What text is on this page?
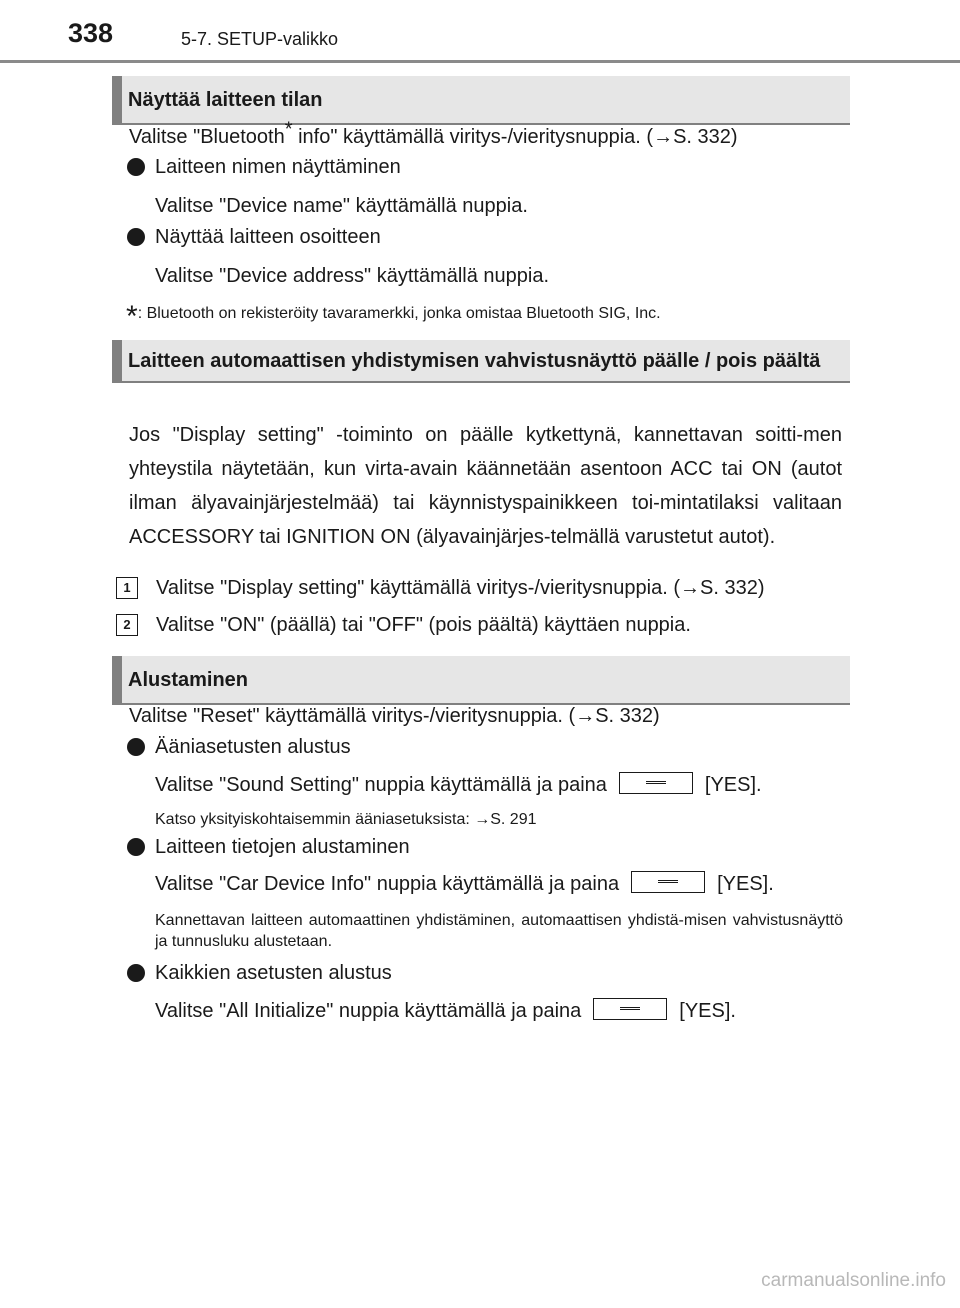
338	5-7. SETUP-valikko
Näyttää laitteen tilan
Valitse "Bluetooth* info" käyttämällä viritys-/vieritysnuppia. (→S. 332)
Laitteen nimen näyttäminen
Valitse "Device name" käyttämällä nuppia.
Näyttää laitteen osoitteen
Valitse "Device address" käyttämällä nuppia.
*: Bluetooth on rekisteröity tavaramerkki, jonka omistaa Bluetooth SIG, Inc.
Laitteen automaattisen yhdistymisen vahvistusnäyttö päälle / pois päältä
Jos "Display setting" -toiminto on päälle kytkettynä, kannettavan soitti-men yhteystila näytetään, kun virta-avain käännetään asentoon ACC tai ON (autot ilman älyavainjärjestelmää) tai käynnistyspainikkeen toi-mintatilaksi valitaan ACCESSORY tai IGNITION ON (älyavainjärjes-telmällä varustetut autot).
1	Valitse "Display setting" käyttämällä viritys-/vieritysnuppia. (→S. 332)
2	Valitse "ON" (päällä) tai "OFF" (pois päältä) käyttäen nuppia.
Alustaminen
Valitse "Reset" käyttämällä viritys-/vieritysnuppia. (→S. 332)
Ääniasetusten alustus
Valitse "Sound Setting" nuppia käyttämällä ja paina	[YES].
Katso yksityiskohtaisemmin ääniasetuksista: →S. 291
Laitteen tietojen alustaminen
Valitse "Car Device Info" nuppia käyttämällä ja paina	[YES].
Kannettavan laitteen automaattinen yhdistäminen, automaattisen yhdistä-misen vahvistusnäyttö ja tunnusluku alustetaan.
Kaikkien asetusten alustus
Valitse "All Initialize" nuppia käyttämällä ja paina	[YES].
carmanualsonline.info
